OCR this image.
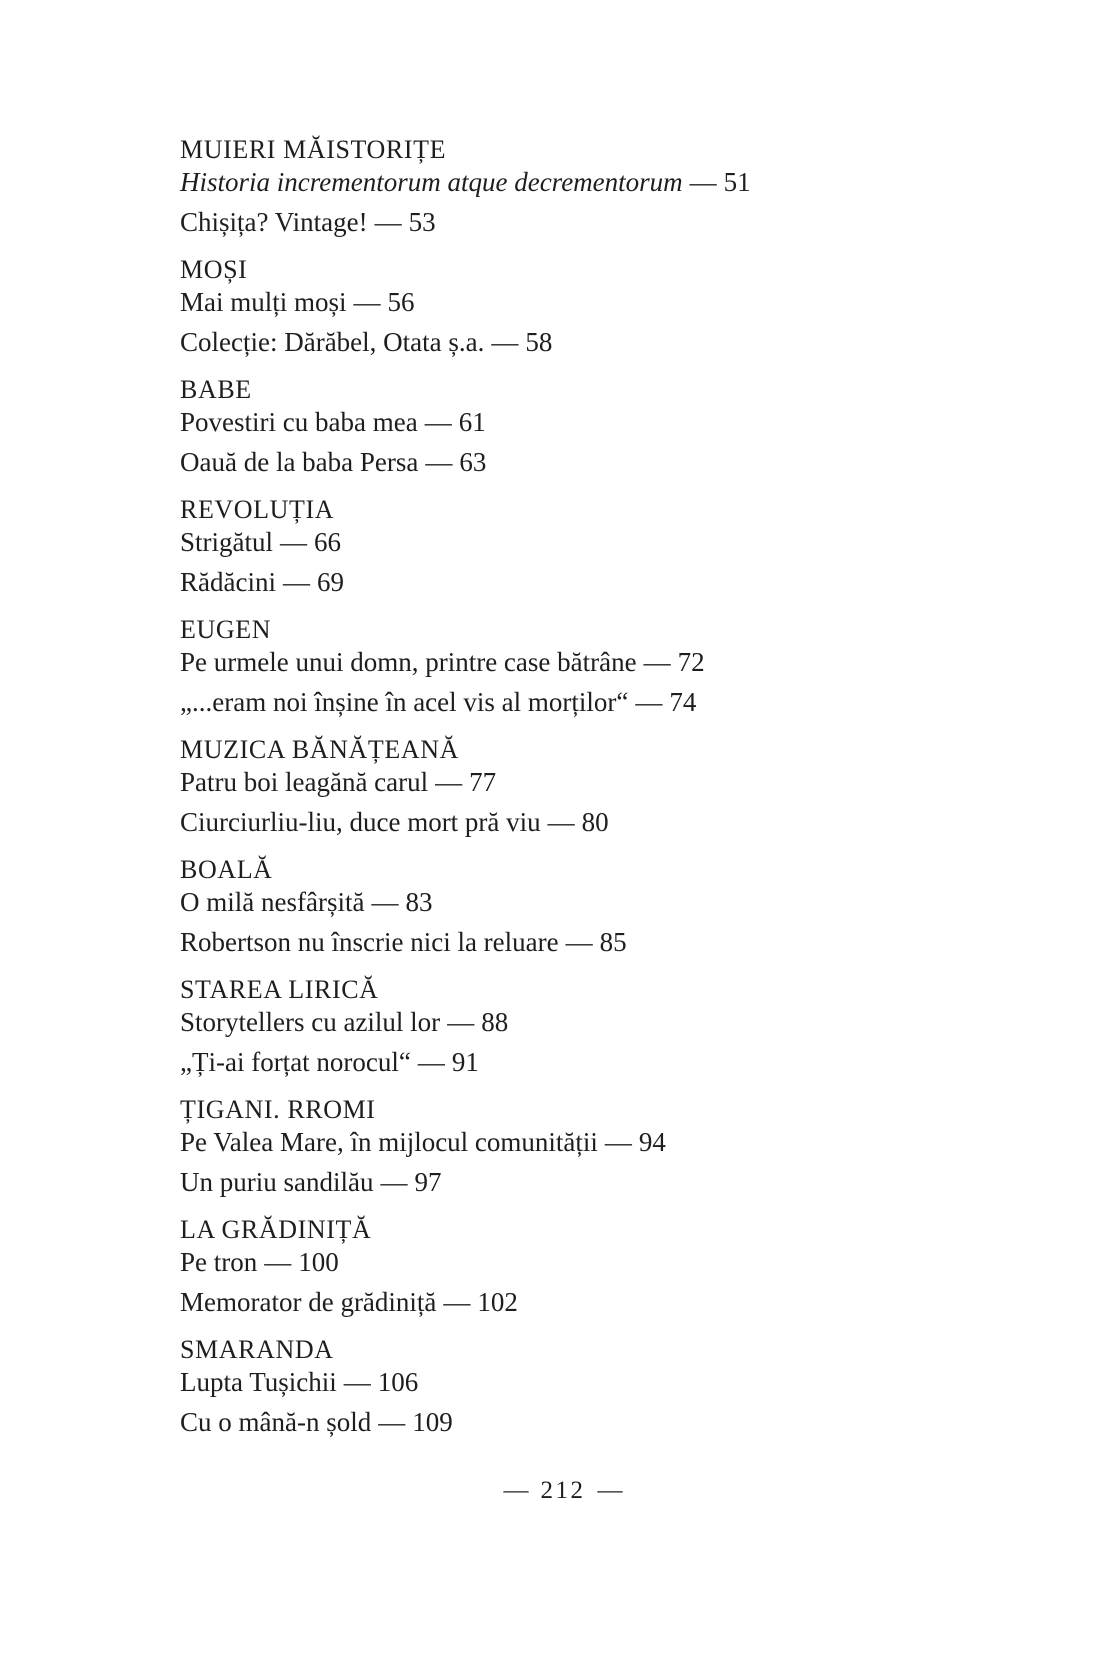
MUIERI MĂISTORIȚE

Historia incrementorum atque decrementorum — 51

Chișița? Vintage! — 53

MOȘI

Mai mulți moși — 56

Colecție: Dărăbel, Otata ș.a. — 58

BABE

Povestiri cu baba mea — 61

Oauă de la baba Persa — 63

REVOLUȚIA

Strigătul — 66

Rădăcini — 69

EUGEN

Pe urmele unui domn, printre case bătrâne — 72

„...eram noi înșine în acel vis al morților“ — 74

MUZICA BĂNĂȚEANĂ

Patru boi leagănă carul — 77

Ciurciurliu-liu, duce mort pră viu — 80

BOALĂ

O milă nesfârșită — 83

Robertson nu înscrie nici la reluare — 85

STAREA LIRICĂ

Storytellers cu azilul lor — 88

„Ți-ai forțat norocul“ — 91

ȚIGANI. RROMI

Pe Valea Mare, în mijlocul comunității — 94

Un puriu sandilău — 97

LA GRĂDINIȚĂ

Pe tron — 100

Memorator de grădiniță — 102

SMARANDA

Lupta Tușichii — 106

Cu o mână-n șold — 109

— 212 —
